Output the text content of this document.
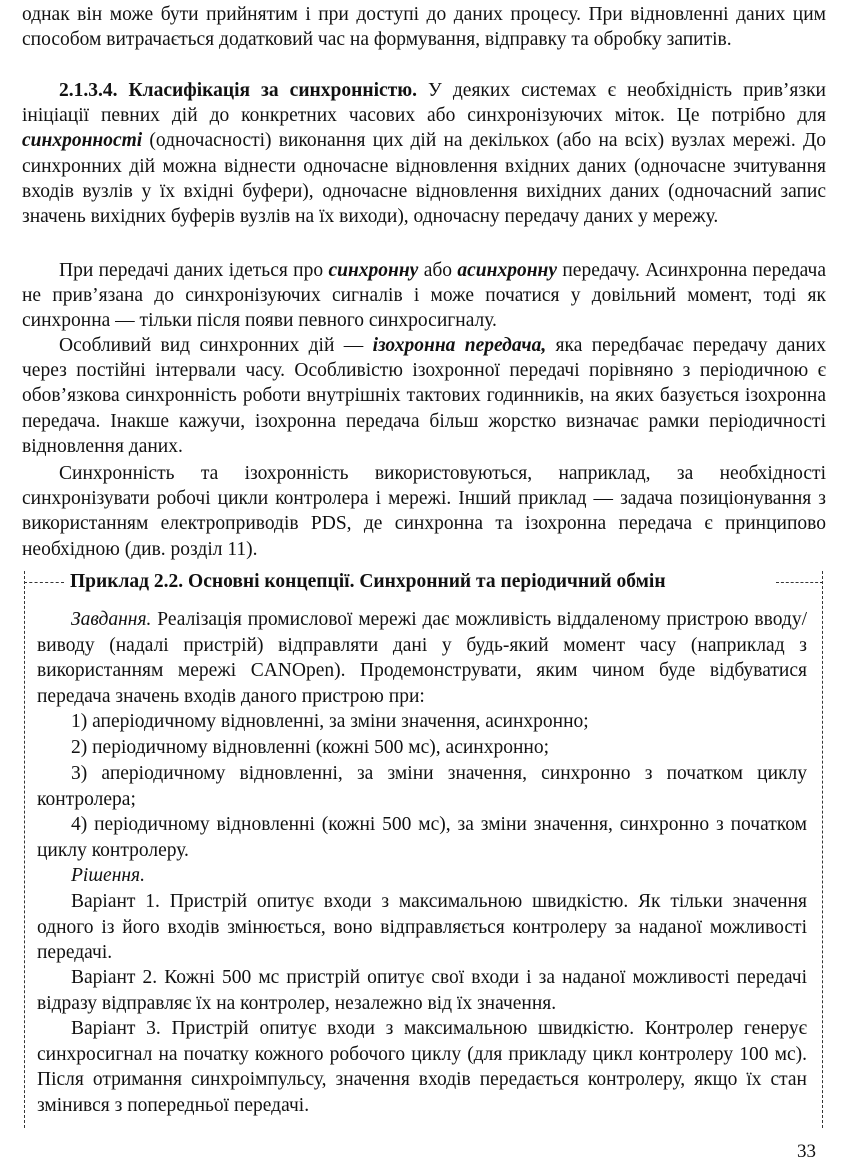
однак він може бути прийнятим і при доступі до даних процесу. При відновленні даних цим способом витрачається додатковий час на формування, відправку та обробку запитів.

2.1.3.4. Класифікація за синхронністю. У деяких системах є необхідність прив’язки ініціації певних дій до конкретних часових або синхронізуючих міток. Це потрібно для синхронності (одночасності) виконання цих дій на декількох (або на всіх) вузлах мережі. До синхронних дій можна віднести одночасне відновлення вхідних даних (одночасне зчитування входів вузлів у їх вхідні буфери), одночасне відновлення вихідних даних (одночасний запис значень вихідних буферів вузлів на їх виходи), одночасну передачу даних у мережу.

При передачі даних ідеться про синхронну або асинхронну передачу. Асинхронна передача не прив’язана до синхронізуючих сигналів і може початися у довільний момент, тоді як синхронна — тільки після появи певного синхросигналу.

Особливий вид синхронних дій — ізохронна передача, яка передбачає передачу даних через постійні інтервали часу. Особливістю ізохронної передачі порівняно з періодичною є обов’язкова синхронність роботи внутрішніх тактових годинників, на яких базується ізохронна передача. Інакше кажучи, ізохронна передача більш жорстко визначає рамки періодичності відновлення даних.

Синхронність та ізохронність використовуються, наприклад, за необхідності синхронізувати робочі цикли контролера і мережі. Інший приклад — задача позиціонування з використанням електроприводів PDS, де синхронна та ізохронна передача є принципово необхідною (див. розділ 11).

Приклад 2.2. Основні концепції. Синхронний та періодичний обмін

Завдання. Реалізація промислової мережі дає можливість віддаленому пристрою вводу/виводу (надалі пристрій) відправляти дані у будь-який момент часу (наприклад з використанням мережі CANOpen). Продемонструвати, яким чином буде відбуватися передача значень входів даного пристрою при:

1) аперіодичному відновленні, за зміни значення, асинхронно;

2) періодичному відновленні (кожні 500 мс), асинхронно;

3) аперіодичному відновленні, за зміни значення, синхронно з початком циклу контролера;

4) періодичному відновленні (кожні 500 мс), за зміни значення, синхронно з початком циклу контролеру.

Рішення.

Варіант 1. Пристрій опитує входи з максимальною швидкістю. Як тільки значення одного із його входів змінюється, воно відправляється контролеру за наданої можливості передачі.

Варіант 2. Кожні 500 мс пристрій опитує свої входи і за наданої можливості передачі відразу відправляє їх на контролер, незалежно від їх значення.

Варіант 3. Пристрій опитує входи з максимальною швидкістю. Контролер генерує синхросигнал на початку кожного робочого циклу (для прикладу цикл контролеру 100 мс). Після отримання синхроімпульсу, значення входів передається контролеру, якщо їх стан змінився з попередньої передачі.

33
